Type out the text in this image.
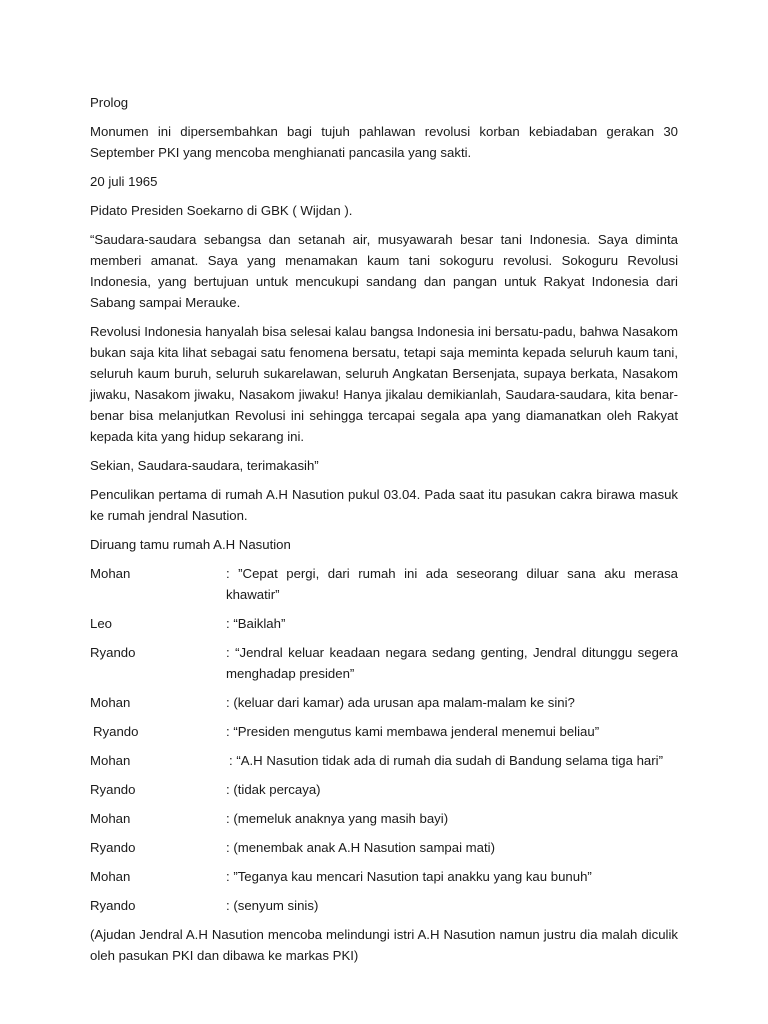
Prolog

Monumen ini dipersembahkan bagi tujuh pahlawan revolusi korban kebiadaban gerakan 30 September PKI yang mencoba menghianati pancasila yang sakti.

20 juli 1965

Pidato Presiden Soekarno di GBK ( Wijdan ).

“Saudara-saudara sebangsa dan setanah air, musyawarah besar tani Indonesia. Saya diminta memberi amanat. Saya yang menamakan kaum tani sokoguru revolusi. Sokoguru Revolusi Indonesia, yang bertujuan untuk mencukupi sandang dan pangan untuk Rakyat Indonesia dari Sabang sampai Merauke.

Revolusi Indonesia hanyalah bisa selesai kalau bangsa Indonesia ini bersatu-padu, bahwa Nasakom bukan saja kita lihat sebagai satu fenomena bersatu, tetapi saja meminta kepada seluruh kaum tani, seluruh kaum buruh, seluruh sukarelawan, seluruh Angkatan Bersenjata, supaya berkata, Nasakom jiwaku, Nasakom jiwaku, Nasakom jiwaku! Hanya jikalau demikianlah, Saudara-saudara, kita benar-benar bisa melanjutkan Revolusi ini sehingga tercapai segala apa yang diamanatkan oleh Rakyat kepada kita yang hidup sekarang ini.

Sekian, Saudara-saudara, terimakasih”

Penculikan pertama di rumah A.H Nasution pukul 03.04. Pada saat itu pasukan cakra birawa masuk ke rumah jendral Nasution.

Diruang tamu rumah A.H Nasution

Mohan	: ”Cepat pergi, dari rumah ini ada seseorang diluar sana aku merasa khawatir”
Leo	: “Baiklah”
Ryando	: “Jendral keluar keadaan negara sedang genting, Jendral ditunggu segera menghadap presiden”
Mohan	: (keluar dari kamar) ada urusan apa malam-malam ke sini?
Ryando	: “Presiden mengutus kami membawa jenderal menemui beliau”
Mohan	: “A.H Nasution tidak ada di rumah dia sudah di Bandung selama tiga hari”
Ryando	: (tidak percaya)
Mohan	: (memeluk anaknya yang masih bayi)
Ryando	: (menembak anak A.H Nasution sampai mati)
Mohan	: ”Teganya kau mencari Nasution tapi anakku yang kau bunuh”
Ryando	: (senyum sinis)

(Ajudan Jendral A.H Nasution mencoba melindungi istri A.H Nasution namun justru dia malah diculik oleh pasukan PKI dan dibawa ke markas PKI)
